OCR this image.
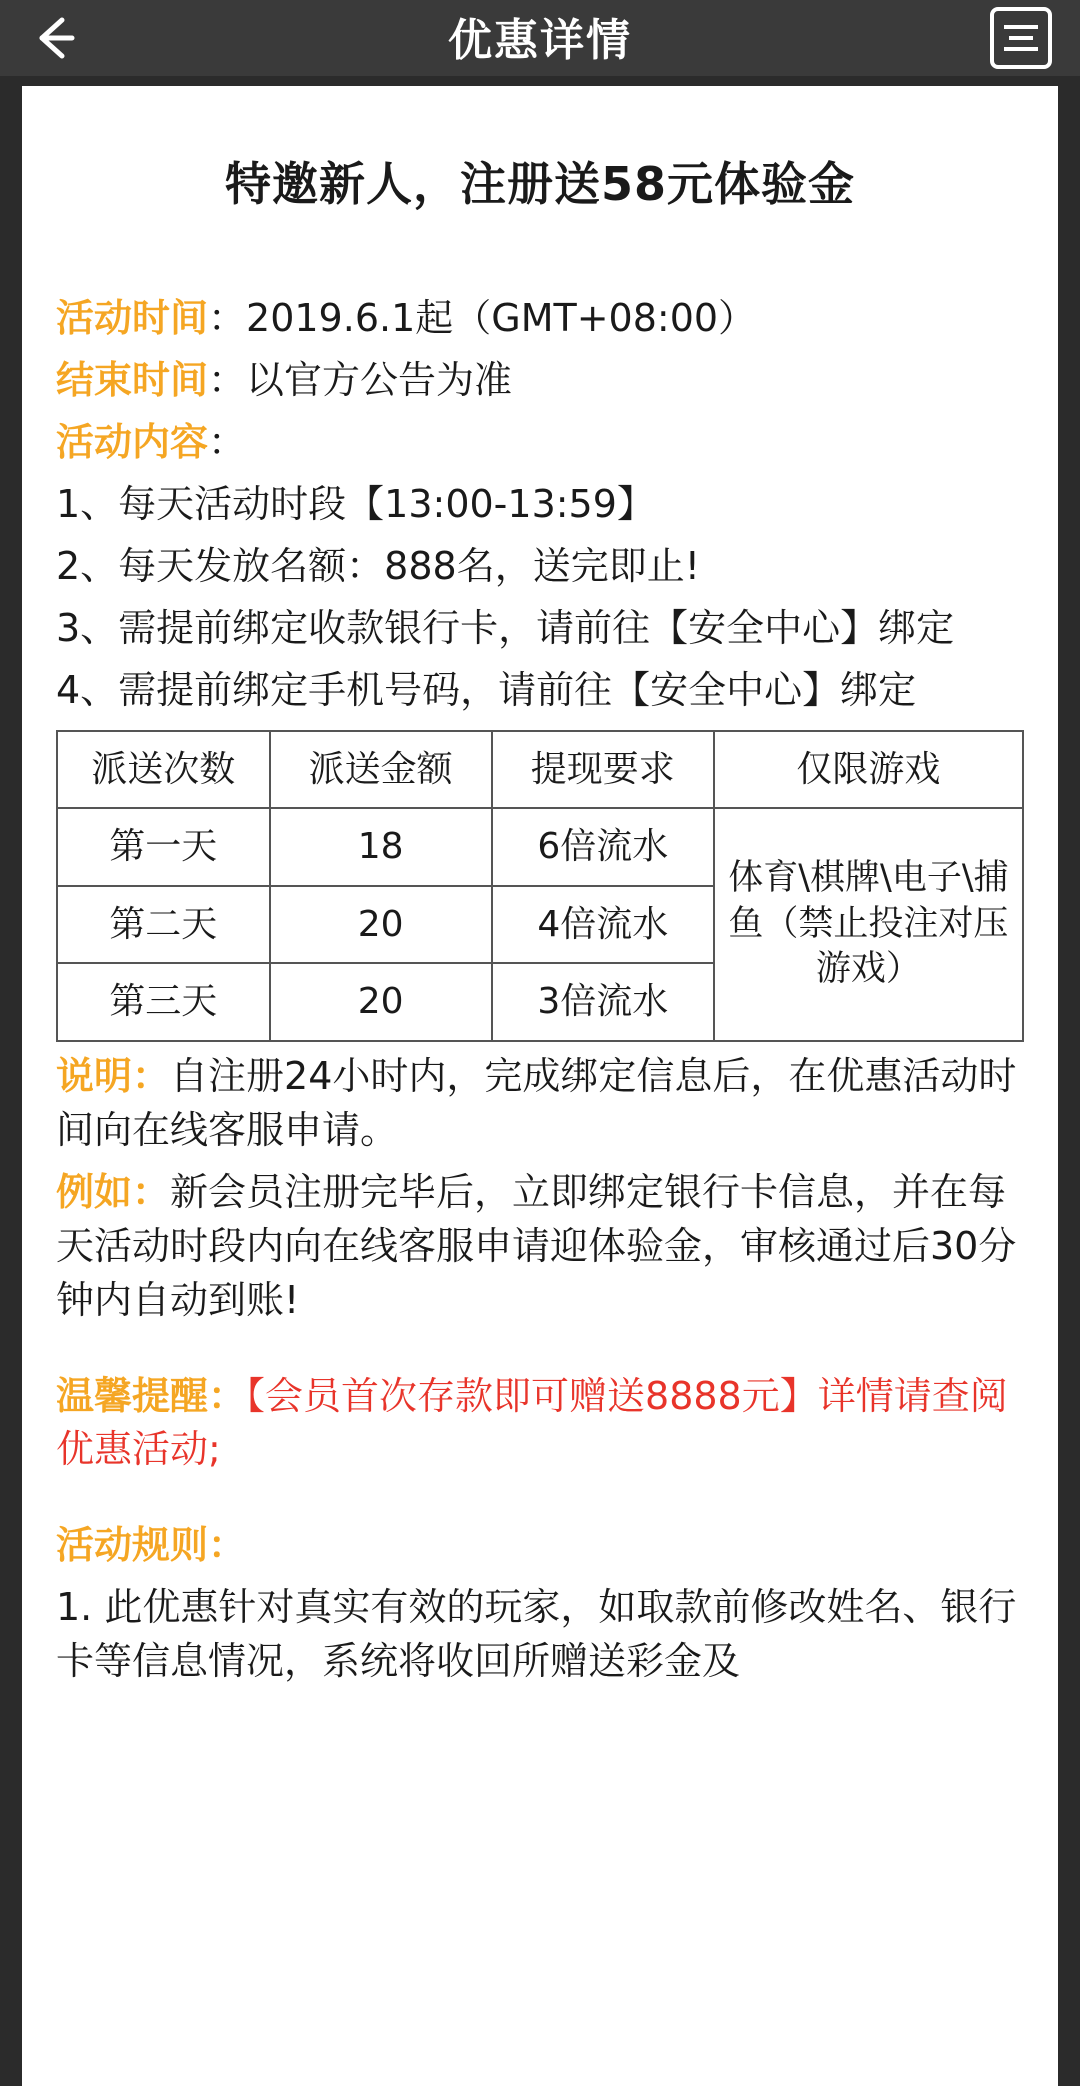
优惠详情
特邀新人，注册送58元体验金
活动时间：2019.6.1起（GMT+08:00）
结束时间：以官方公告为准
活动内容：
1、每天活动时段【13:00-13:59】
2、每天发放名额：888名，送完即止!
3、需提前绑定收款银行卡，请前往【安全中心】绑定
4、需提前绑定手机号码，请前往【安全中心】绑定
派送次数	派送金额	提现要求	仅限游戏
第一天	18	6倍流水	体育\棋牌\电子\捕鱼（禁止投注对压游戏）
第二天	20	4倍流水	
第三天	20	3倍流水	
说明：自注册24小时内，完成绑定信息后，在优惠活动时间向在线客服申请。
例如：新会员注册完毕后，立即绑定银行卡信息，并在每天活动时段内向在线客服申请迎体验金，审核通过后30分钟内自动到账!
温馨提醒：【会员首次存款即可赠送8888元】详情请查阅优惠活动;
活动规则：
1. 此优惠针对真实有效的玩家，如取款前修改姓名、银行卡等信息情况，系统将收回所赠送彩金及
